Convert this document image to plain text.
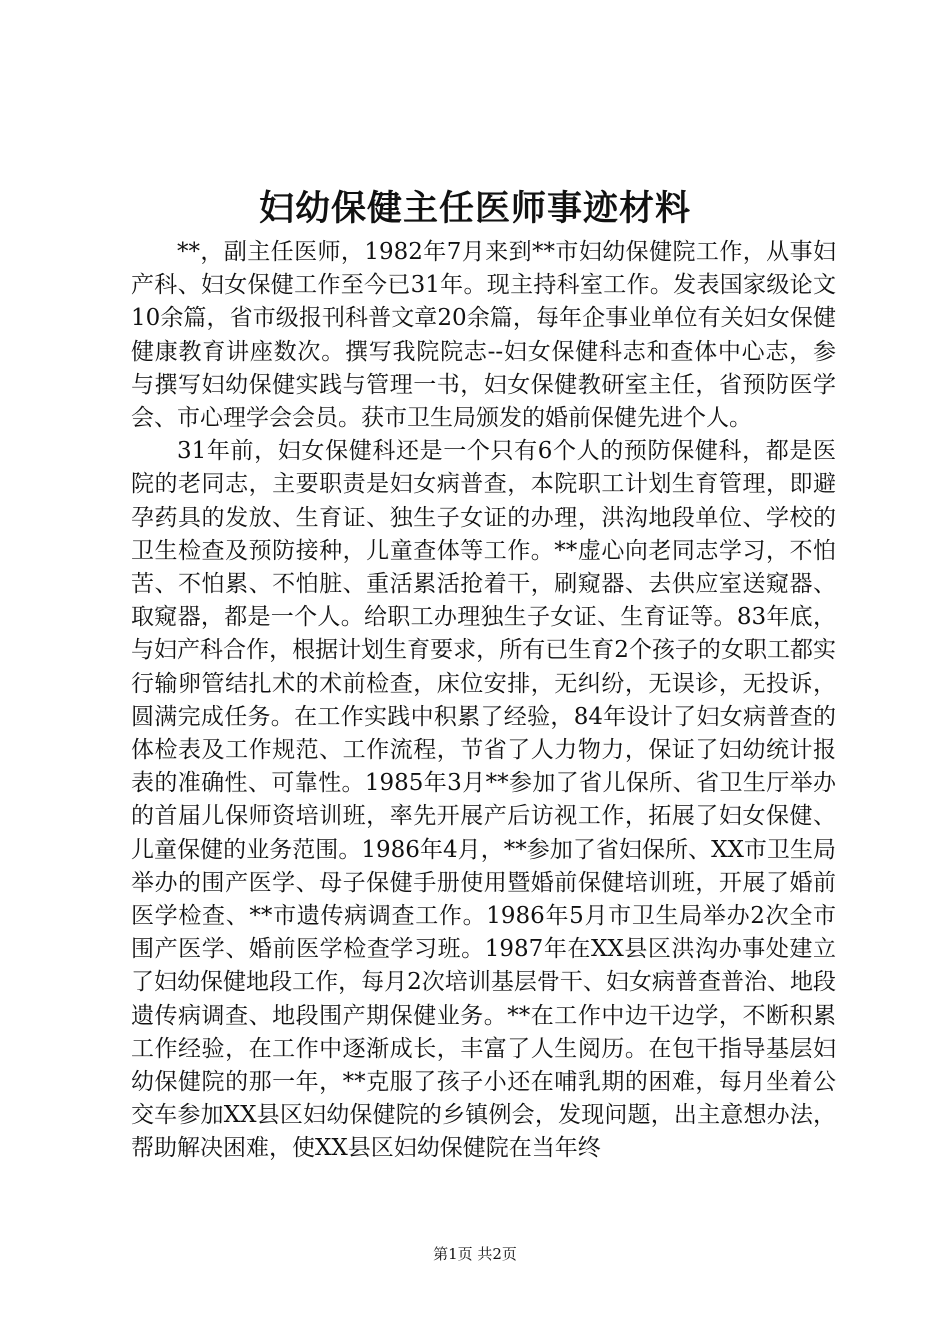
妇幼保健主任医师事迹材料

**，副主任医师，1982年7月来到**市妇幼保健院工作，从事妇产科、妇女保健工作至今已31年。现主持科室工作。发表国家级论文10余篇，省市级报刊科普文章20余篇，每年企事业单位有关妇女保健健康教育讲座数次。撰写我院院志--妇女保健科志和查体中心志，参与撰写妇幼保健实践与管理一书，妇女保健教研室主任，省预防医学会、市心理学会会员。获市卫生局颁发的婚前保健先进个人。

31年前，妇女保健科还是一个只有6个人的预防保健科，都是医院的老同志，主要职责是妇女病普查，本院职工计划生育管理，即避孕药具的发放、生育证、独生子女证的办理，洪沟地段单位、学校的卫生检查及预防接种，儿童查体等工作。**虚心向老同志学习，不怕苦、不怕累、不怕脏、重活累活抢着干，刷窥器、去供应室送窥器、取窥器，都是一个人。给职工办理独生子女证、生育证等。83年底，与妇产科合作，根据计划生育要求，所有已生育2个孩子的女职工都实行输卵管结扎术的术前检查，床位安排，无纠纷，无误诊，无投诉，圆满完成任务。在工作实践中积累了经验，84年设计了妇女病普查的体检表及工作规范、工作流程，节省了人力物力，保证了妇幼统计报表的准确性、可靠性。1985年3月**参加了省儿保所、省卫生厅举办的首届儿保师资培训班，率先开展产后访视工作，拓展了妇女保健、儿童保健的业务范围。1986年4月，**参加了省妇保所、XX市卫生局举办的围产医学、母子保健手册使用暨婚前保健培训班，开展了婚前医学检查、**市遗传病调查工作。1986年5月市卫生局举办2次全市围产医学、婚前医学检查学习班。1987年在XX县区洪沟办事处建立了妇幼保健地段工作，每月2次培训基层骨干、妇女病普查普治、地段遗传病调查、地段围产期保健业务。**在工作中边干边学，不断积累工作经验，在工作中逐渐成长，丰富了人生阅历。在包干指导基层妇幼保健院的那一年，**克服了孩子小还在哺乳期的困难，每月坐着公交车参加XX县区妇幼保健院的乡镇例会，发现问题，出主意想办法，帮助解决困难，使XX县区妇幼保健院在当年终

第1页 共2页
